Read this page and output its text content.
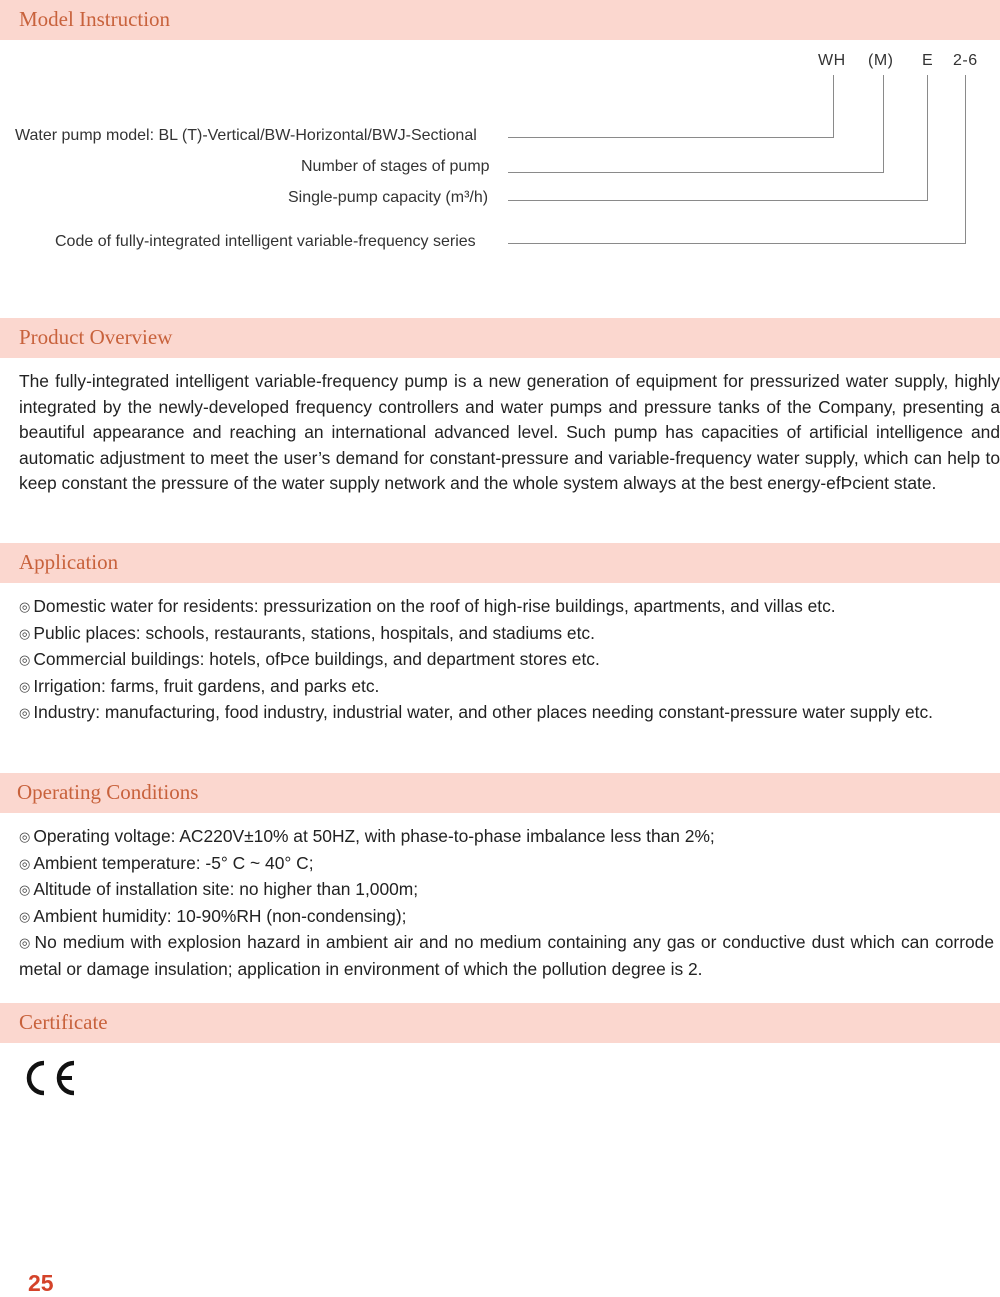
Model Instruction
WH (M) E 2-6
Water pump model: BL (T)-Vertical/BW-Horizontal/BWJ-Sectional
Number of stages of pump
Single-pump capacity (m³/h)
Code of fully-integrated intelligent variable-frequency series
Product Overview

The fully-integrated intelligent variable-frequency pump is a new generation of equipment for pressurized water supply, highly integrated by the newly-developed frequency controllers and water pumps and pressure tanks of the Company, presenting a beautiful appearance and reaching an international advanced level. Such pump has capacities of artificial intelligence and automatic adjustment to meet the user’s demand for constant-pressure and variable-frequency water supply, which can help to keep constant the pressure of the water supply network and the whole system always at the best energy-efÞcient state.

Application
◎ Domestic water for residents: pressurization on the roof of high-rise buildings, apartments, and villas etc.
◎ Public places: schools, restaurants, stations, hospitals, and stadiums etc.
◎ Commercial buildings: hotels, ofÞce buildings, and department stores etc.
◎ Irrigation: farms, fruit gardens, and parks etc.
◎ Industry: manufacturing, food industry, industrial water, and other places needing constant-pressure water supply etc.
Operating Conditions
◎ Operating voltage: AC220V±10% at 50HZ, with phase-to-phase imbalance less than 2%;
◎ Ambient temperature: -5° C ~ 40° C;
◎ Altitude of installation site: no higher than 1,000m;
◎ Ambient humidity: 10-90%RH (non-condensing);
◎ No medium with explosion hazard in ambient air and no medium containing any gas or conductive dust which can corrode metal or damage insulation; application in environment of which the pollution degree is 2.
Certificate
25
